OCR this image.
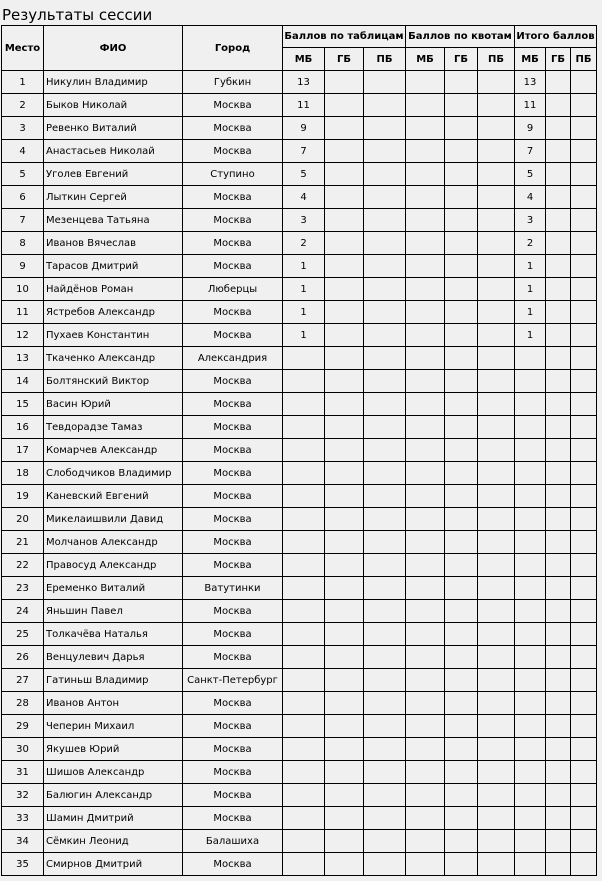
Результаты сессии
Место	ФИО	Город	Баллов по таблицам			Баллов по квотам			Итого баллов		
			МБ	ГБ	ПБ	МБ	ГБ	ПБ	МБ	ГБ	ПБ
1	Никулин Владимир	Губкин	13						13		
2	Быков Николай	Москва	11						11		
3	Ревенко Виталий	Москва	9						9		
4	Анастасьев Николай	Москва	7						7		
5	Уголев Евгений	Ступино	5						5		
6	Лыткин Сергей	Москва	4						4		
7	Мезенцева Татьяна	Москва	3						3		
8	Иванов Вячеслав	Москва	2						2		
9	Тарасов Дмитрий	Москва	1						1		
10	Найдёнов Роман	Люберцы	1						1		
11	Ястребов Александр	Москва	1						1		
12	Пухаев Константин	Москва	1						1		
13	Ткаченко Александр	Александрия									
14	Болтянский Виктор	Москва									
15	Васин Юрий	Москва									
16	Тевдорадзе Тамаз	Москва									
17	Комарчев Александр	Москва									
18	Слободчиков Владимир	Москва									
19	Каневский Евгений	Москва									
20	Микелаишвили Давид	Москва									
21	Молчанов Александр	Москва									
22	Правосуд Александр	Москва									
23	Еременко Виталий	Ватутинки									
24	Яньшин Павел	Москва									
25	Толкачёва Наталья	Москва									
26	Венцулевич Дарья	Москва									
27	Гатиньш Владимир	Санкт-Петербург									
28	Иванов Антон	Москва									
29	Чеперин Михаил	Москва									
30	Якушев Юрий	Москва									
31	Шишов Александр	Москва									
32	Балюгин Александр	Москва									
33	Шамин Дмитрий	Москва									
34	Сёмкин Леонид	Балашиха									
35	Смирнов Дмитрий	Москва									
